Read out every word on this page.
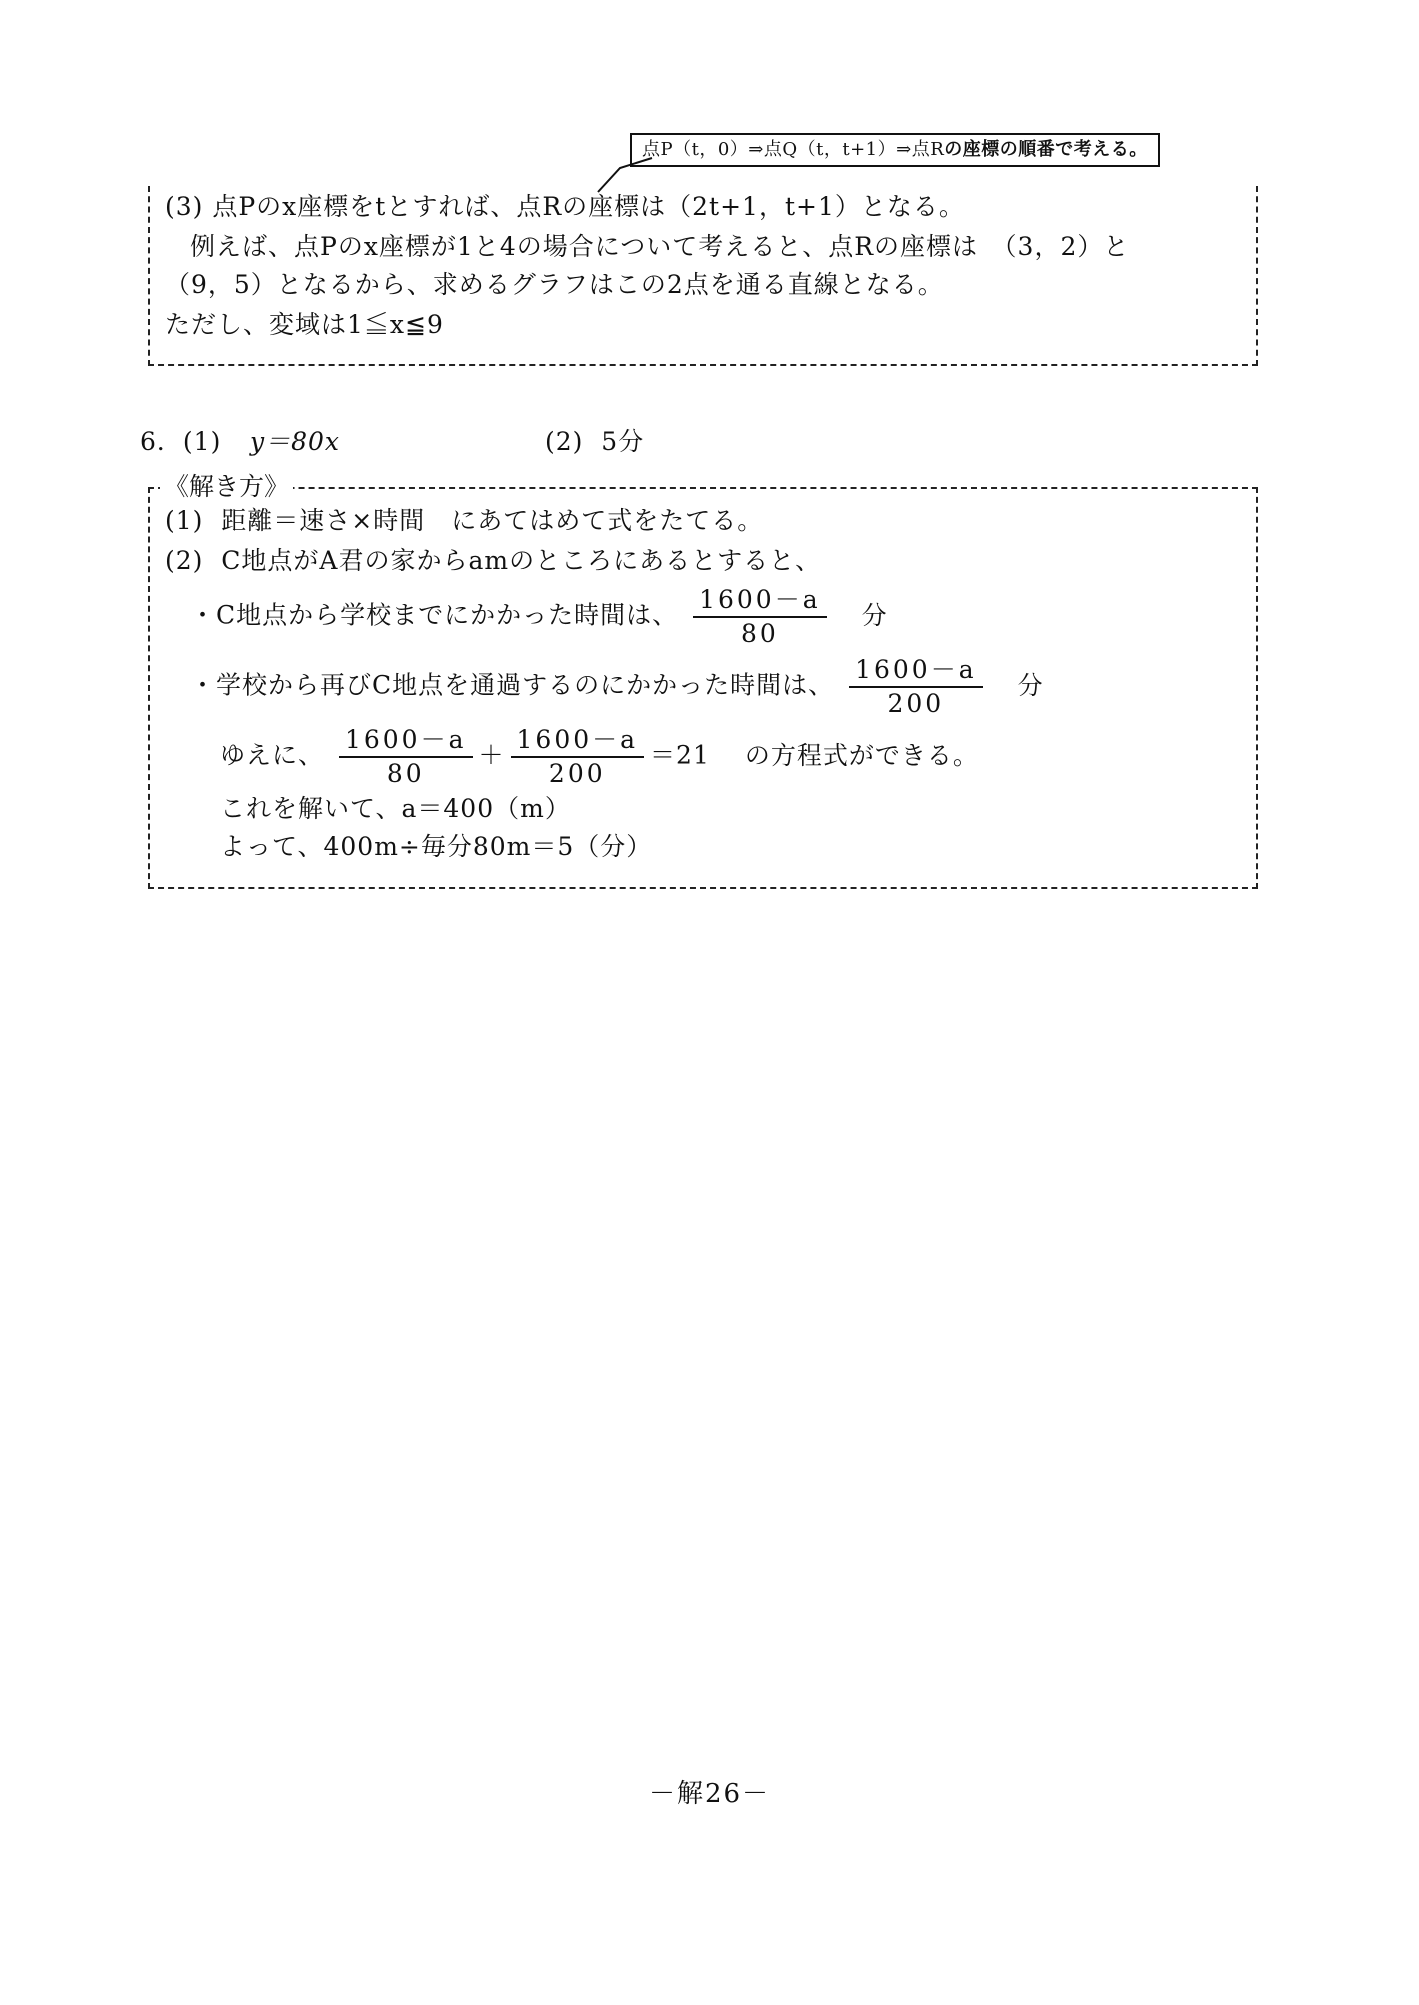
点P（t，0）⇒点Q（t，t+1）⇒点Rの座標の順番で考える。
(3) 点Pのx座標をtとすれば、点Rの座標は（2t+1，t+1）となる。
例えば、点Pのx座標が1と4の場合について考えると、点Rの座標は　（3，2）と
（9，5）となるから、求めるグラフはこの2点を通る直線となる。
ただし、変域は1≦x≦9
6．(1) y＝80x	(2)  5分
《解き方》
(1)  距離＝速さ×時間　にあてはめて式をたてる。
(2)  C地点がA君の家からamのところにあるとすると、
・C地点から学校までにかかった時間は、 $\frac{1600-a}{80}$ 分
・学校から再びC地点を通過するのにかかった時間は、 $\frac{1600-a}{200}$ 分
ゆえに、 $\frac{1600-a}{80} + \frac{1600-a}{200} =21$ の方程式ができる。
これを解いて、a＝400（m）
よって、400m÷毎分80m＝5（分）
－解26－
